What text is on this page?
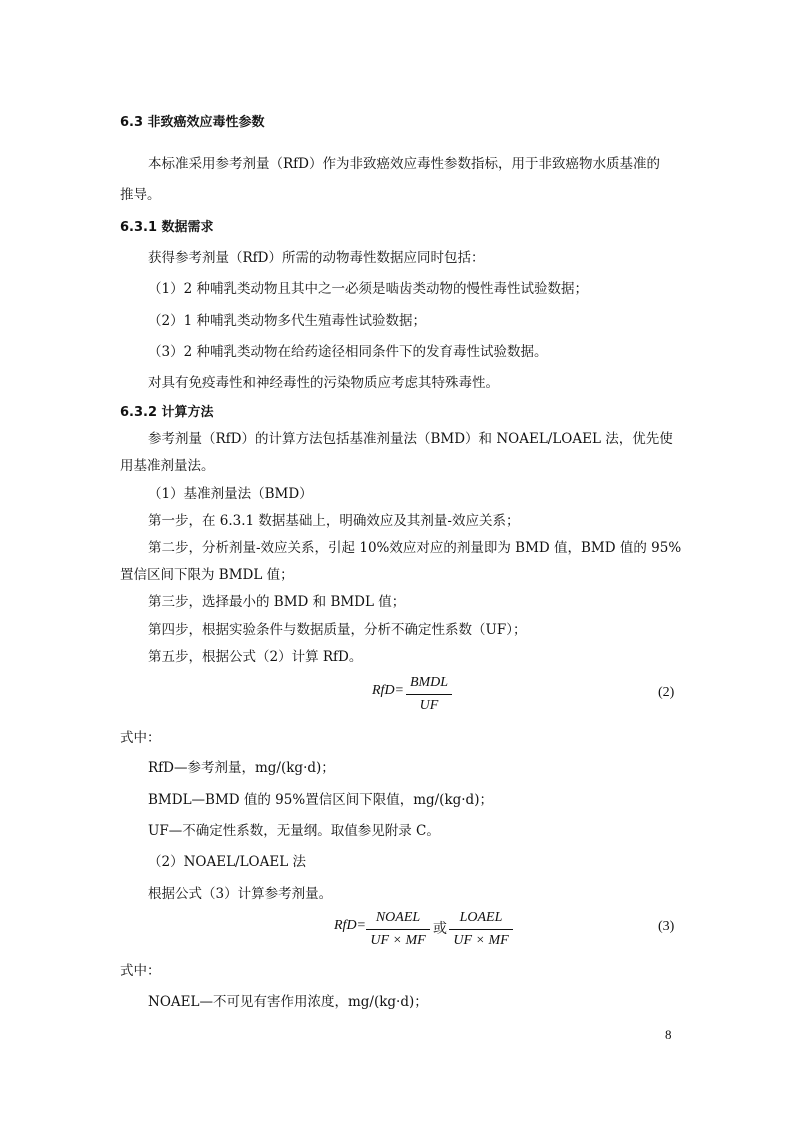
6.3 非致癌效应毒性参数
本标准采用参考剂量（RfD）作为非致癌效应毒性参数指标，用于非致癌物水质基准的
推导。
6.3.1 数据需求
获得参考剂量（RfD）所需的动物毒性数据应同时包括：
（1）2 种哺乳类动物且其中之一必须是啮齿类动物的慢性毒性试验数据；
（2）1 种哺乳类动物多代生殖毒性试验数据；
（3）2 种哺乳类动物在给药途径相同条件下的发育毒性试验数据。
对具有免疫毒性和神经毒性的污染物质应考虑其特殊毒性。
6.3.2 计算方法
参考剂量（RfD）的计算方法包括基准剂量法（BMD）和 NOAEL/LOAEL 法，优先使
用基准剂量法。
（1）基准剂量法（BMD）
第一步，在 6.3.1 数据基础上，明确效应及其剂量-效应关系；
第二步，分析剂量-效应关系，引起 10%效应对应的剂量即为 BMD 值，BMD 值的 95%
置信区间下限为 BMDL 值；
第三步，选择最小的 BMD 和 BMDL 值；
第四步，根据实验条件与数据质量，分析不确定性系数（UF）；
第五步，根据公式（2）计算 RfD。
RfD=
BMDL
UF
(2)
式中：
RfD—参考剂量，mg/(kg·d)；
BMDL—BMD 值的 95%置信区间下限值，mg/(kg·d)；
UF—不确定性系数，无量纲。取值参见附录 C。
（2）NOAEL/LOAEL 法
根据公式（3）计算参考剂量。
RfD=
NOAEL
UF × MF
或
LOAEL
UF × MF
(3)
式中：
NOAEL—不可见有害作用浓度，mg/(kg·d)；
8
